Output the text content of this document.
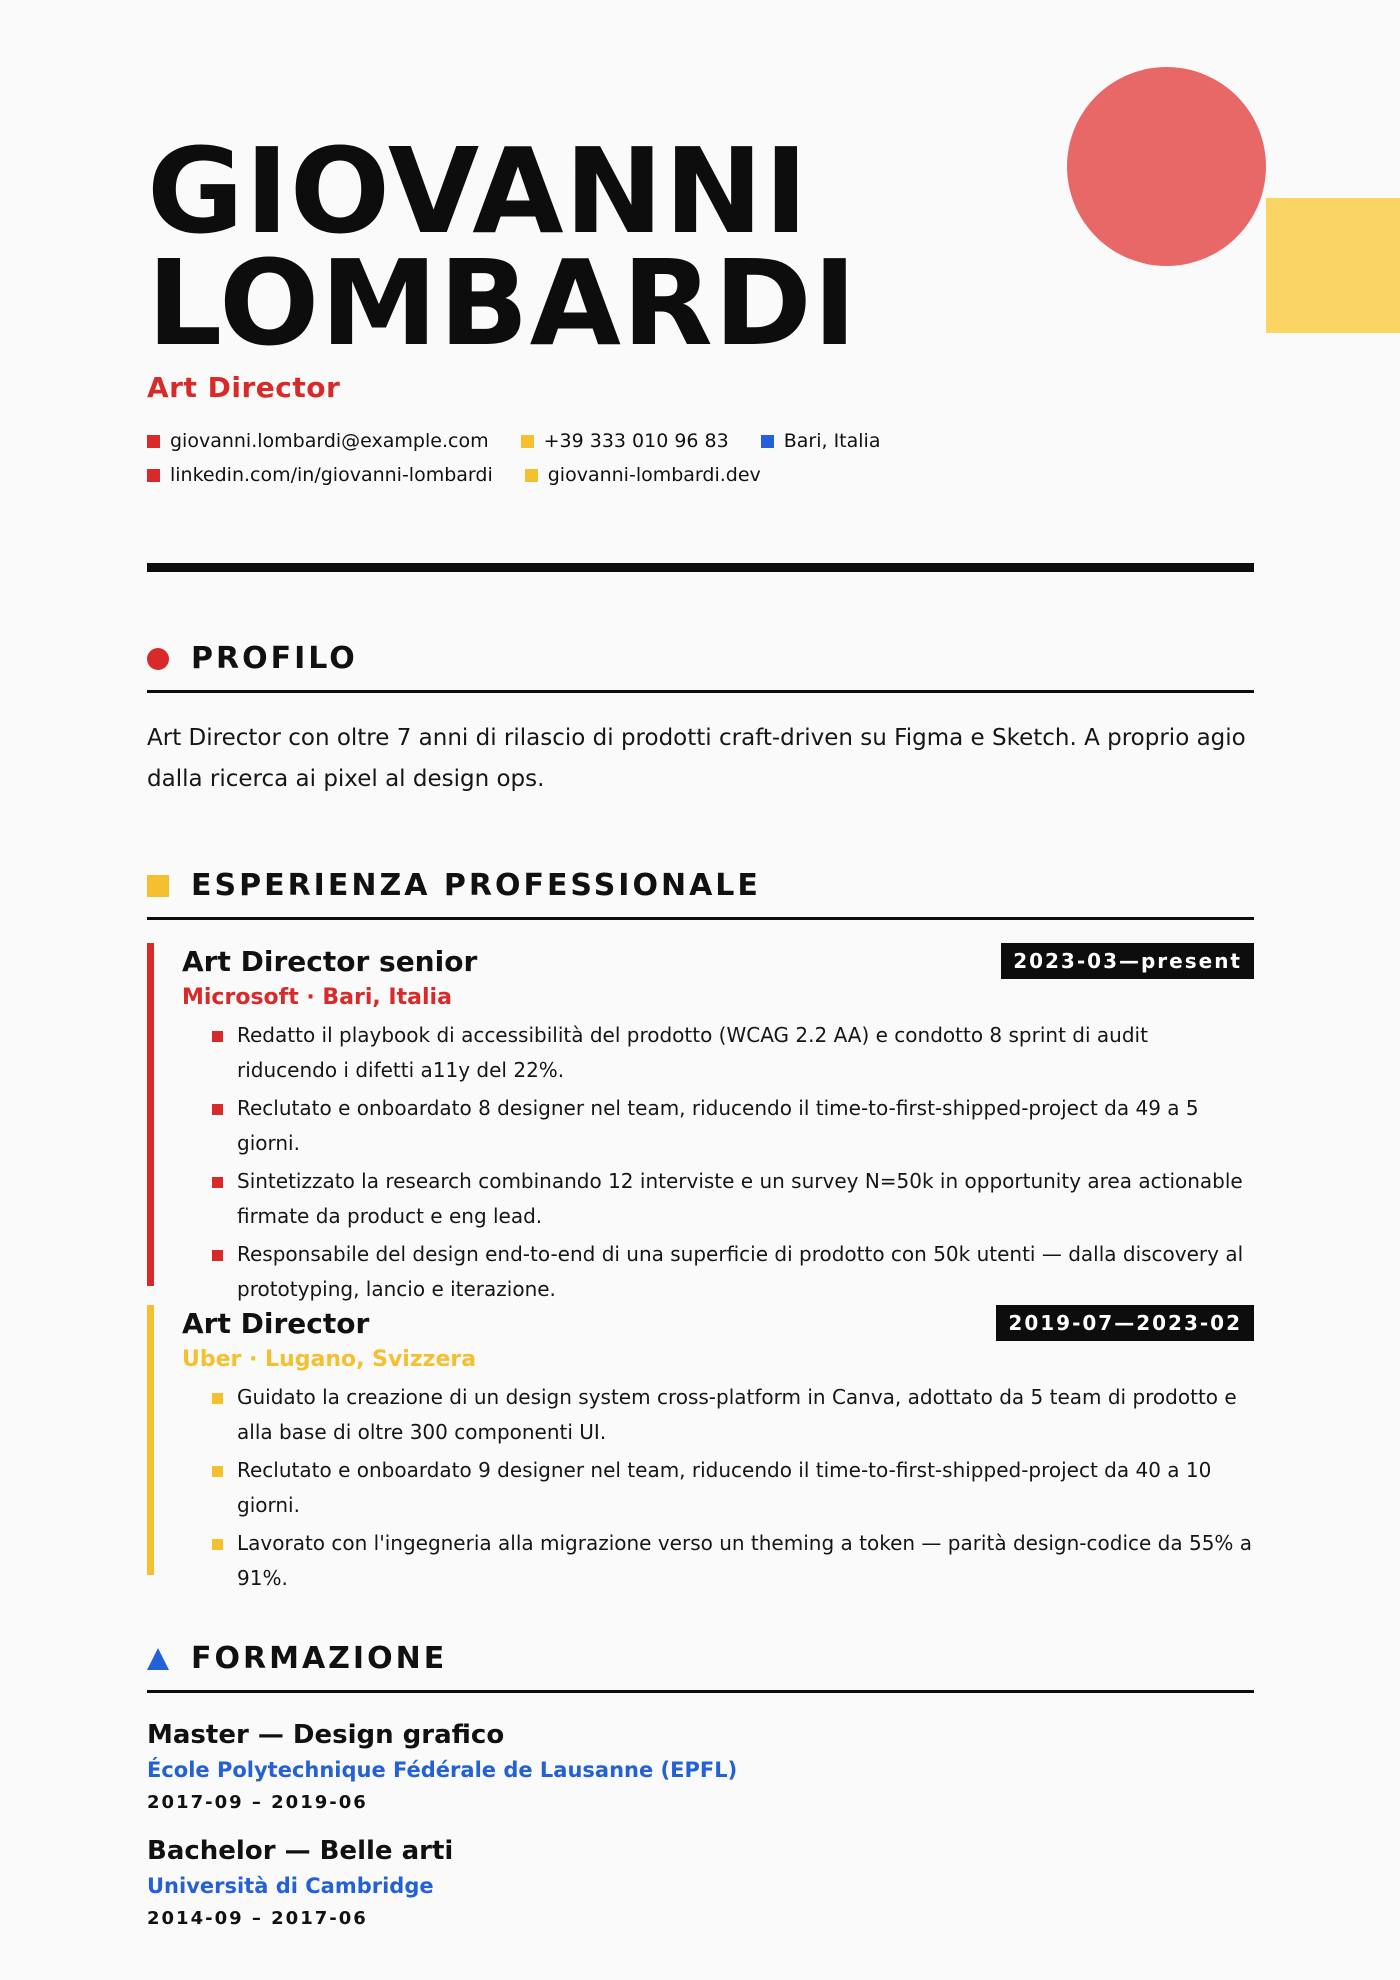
GIOVANNI
LOMBARDI
Art Director
giovanni.lombardi@example.com	+39 333 010 96 83	Bari, Italia
linkedin.com/in/giovanni-lombardi	giovanni-lombardi.dev
PROFILO
Art Director con oltre 7 anni di rilascio di prodotti craft-driven su Figma e Sketch. A proprio agio dalla ricerca ai pixel al design ops.
ESPERIENZA PROFESSIONALE
Art Director senior	2023-03—present
Microsoft · Bari, Italia
Redatto il playbook di accessibilità del prodotto (WCAG 2.2 AA) e condotto 8 sprint di audit riducendo i difetti a11y del 22%.
Reclutato e onboardato 8 designer nel team, riducendo il time-to-first-shipped-project da 49 a 5 giorni.
Sintetizzato la research combinando 12 interviste e un survey N=50k in opportunity area actionable firmate da product e eng lead.
Responsabile del design end-to-end di una superficie di prodotto con 50k utenti — dalla discovery al prototyping, lancio e iterazione.
Art Director	2019-07—2023-02
Uber · Lugano, Svizzera
Guidato la creazione di un design system cross-platform in Canva, adottato da 5 team di prodotto e alla base di oltre 300 componenti UI.
Reclutato e onboardato 9 designer nel team, riducendo il time-to-first-shipped-project da 40 a 10 giorni.
Lavorato con l'ingegneria alla migrazione verso un theming a token — parità design-codice da 55% a 91%.
FORMAZIONE
Master — Design grafico
École Polytechnique Fédérale de Lausanne (EPFL)
2017-09 – 2019-06
Bachelor — Belle arti
Università di Cambridge
2014-09 – 2017-06
